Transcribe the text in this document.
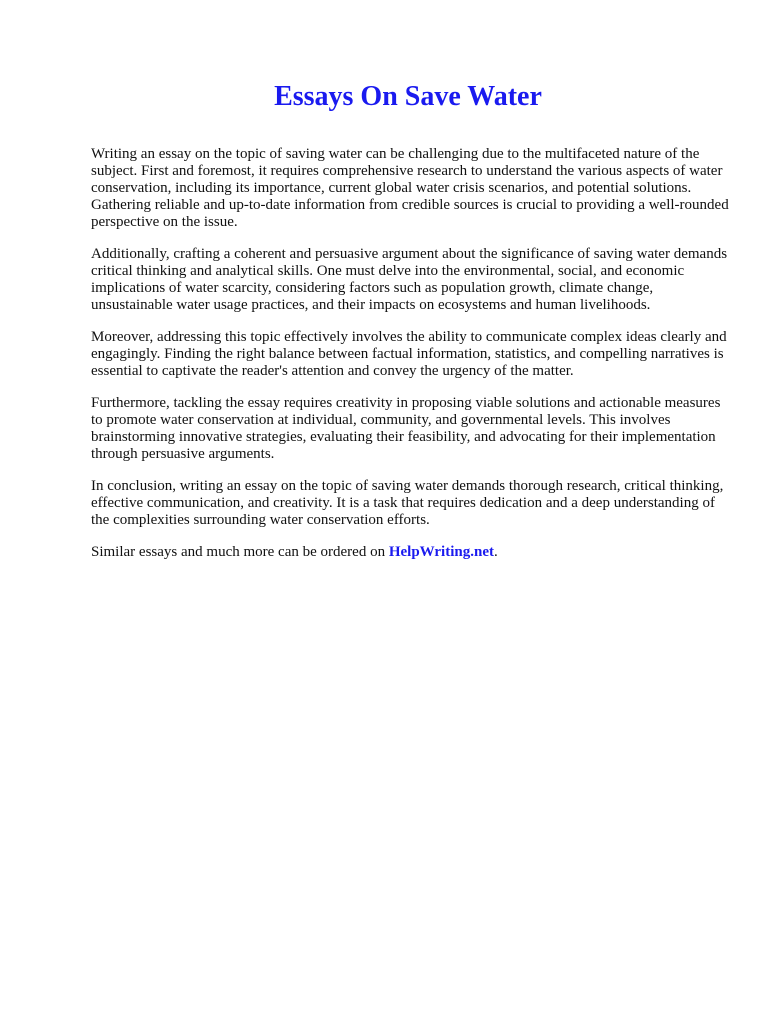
Essays On Save Water

Writing an essay on the topic of saving water can be challenging due to the multifaceted nature of the subject. First and foremost, it requires comprehensive research to understand the various aspects of water conservation, including its importance, current global water crisis scenarios, and potential solutions. Gathering reliable and up-to-date information from credible sources is crucial to providing a well-rounded perspective on the issue.

Additionally, crafting a coherent and persuasive argument about the significance of saving water demands critical thinking and analytical skills. One must delve into the environmental, social, and economic implications of water scarcity, considering factors such as population growth, climate change, unsustainable water usage practices, and their impacts on ecosystems and human livelihoods.

Moreover, addressing this topic effectively involves the ability to communicate complex ideas clearly and engagingly. Finding the right balance between factual information, statistics, and compelling narratives is essential to captivate the reader's attention and convey the urgency of the matter.

Furthermore, tackling the essay requires creativity in proposing viable solutions and actionable measures to promote water conservation at individual, community, and governmental levels. This involves brainstorming innovative strategies, evaluating their feasibility, and advocating for their implementation through persuasive arguments.

In conclusion, writing an essay on the topic of saving water demands thorough research, critical thinking, effective communication, and creativity. It is a task that requires dedication and a deep understanding of the complexities surrounding water conservation efforts.

Similar essays and much more can be ordered on HelpWriting.net.
